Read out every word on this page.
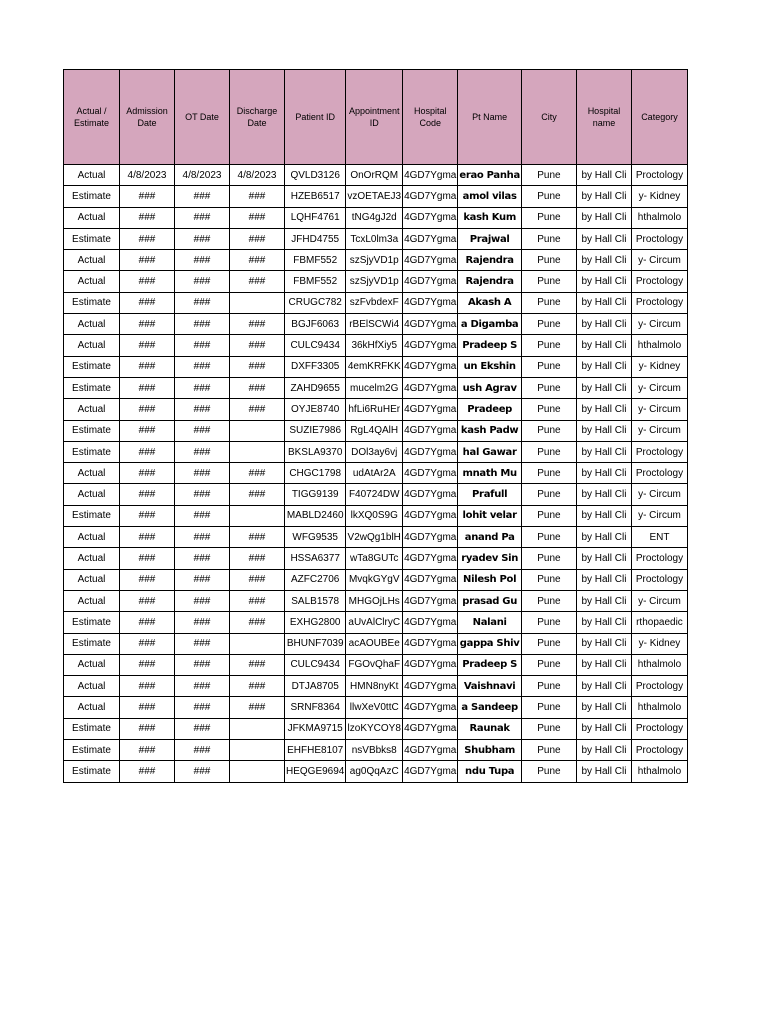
Actual / Estimate	Admission Date	OT Date	Discharge Date	Patient ID	Appointment ID	Hospital Code	Pt Name	City	Hospital name	Category
Actual	4/8/2023	4/8/2023	4/8/2023	QVLD3126	OnOrRQM	4GD7Ygma	erao Panha	Pune	by Hall Cli	Proctology
Estimate	###	###	###	HZEB6517	vzOETAEJ3	4GD7Ygma	amol vilas	Pune	by Hall Cli	y- Kidney
Actual	###	###	###	LQHF4761	tNG4gJ2d	4GD7Ygma	kash Kum	Pune	by Hall Cli	hthalmolo
Estimate	###	###	###	JFHD4755	TcxL0lm3a	4GD7Ygma	Prajwal	Pune	by Hall Cli	Proctology
Actual	###	###	###	FBMF552	szSjyVD1p	4GD7Ygma	Rajendra	Pune	by Hall Cli	y- Circum
Actual	###	###	###	FBMF552	szSjyVD1p	4GD7Ygma	Rajendra	Pune	by Hall Cli	Proctology
Estimate	###	###		CRUGC782	szFvbdexF	4GD7Ygma	Akash A	Pune	by Hall Cli	Proctology
Actual	###	###	###	BGJF6063	rBElSCWi4	4GD7Ygma	a Digamba	Pune	by Hall Cli	y- Circum
Actual	###	###	###	CULC9434	36kHfXiy5	4GD7Ygma	Pradeep S	Pune	by Hall Cli	hthalmolo
Estimate	###	###	###	DXFF3305	4emKRFKK	4GD7Ygma	un Ekshin	Pune	by Hall Cli	y- Kidney
Estimate	###	###	###	ZAHD9655	mucelm2G	4GD7Ygma	ush Agrav	Pune	by Hall Cli	y- Circum
Actual	###	###	###	OYJE8740	hfLi6RuHEr	4GD7Ygma	Pradeep	Pune	by Hall Cli	y- Circum
Estimate	###	###		SUZIE7986	RgL4QAlH	4GD7Ygma	kash Padw	Pune	by Hall Cli	y- Circum
Estimate	###	###		BKSLA9370	DOl3ay6vj	4GD7Ygma	hal Gawar	Pune	by Hall Cli	Proctology
Actual	###	###	###	CHGC1798	udAtAr2A	4GD7Ygma	mnath Mu	Pune	by Hall Cli	Proctology
Actual	###	###	###	TIGG9139	F40724DW	4GD7Ygma	Prafull	Pune	by Hall Cli	y- Circum
Estimate	###	###		MABLD2460	lkXQ0S9G	4GD7Ygma	lohit velar	Pune	by Hall Cli	y- Circum
Actual	###	###	###	WFG9535	V2wQg1blH	4GD7Ygma	anand Pa	Pune	by Hall Cli	ENT
Actual	###	###	###	HSSA6377	wTa8GUTc	4GD7Ygma	ryadev Sin	Pune	by Hall Cli	Proctology
Actual	###	###	###	AZFC2706	MvqkGYgV	4GD7Ygma	Nilesh Pol	Pune	by Hall Cli	Proctology
Actual	###	###	###	SALB1578	MHGOjLHs	4GD7Ygma	prasad Gu	Pune	by Hall Cli	y- Circum
Estimate	###	###	###	EXHG2800	aUvAlClryC	4GD7Ygma	Nalani	Pune	by Hall Cli	rthopaedic
Estimate	###	###		BHUNF7039	acAOUBEe	4GD7Ygma	gappa Shiv	Pune	by Hall Cli	y- Kidney
Actual	###	###	###	CULC9434	FGOvQhaF	4GD7Ygma	Pradeep S	Pune	by Hall Cli	hthalmolo
Actual	###	###	###	DTJA8705	HMN8nyKt	4GD7Ygma	Vaishnavi	Pune	by Hall Cli	Proctology
Actual	###	###	###	SRNF8364	llwXeV0ttC	4GD7Ygma	a Sandeep	Pune	by Hall Cli	hthalmolo
Estimate	###	###		JFKMA9715	lzoKYCOY8	4GD7Ygma	Raunak	Pune	by Hall Cli	Proctology
Estimate	###	###		EHFHE8107	nsVBbks8	4GD7Ygma	Shubham	Pune	by Hall Cli	Proctology
Estimate	###	###		HEQGE9694	ag0QqAzC	4GD7Ygma	ndu Tupa	Pune	by Hall Cli	hthalmolo
